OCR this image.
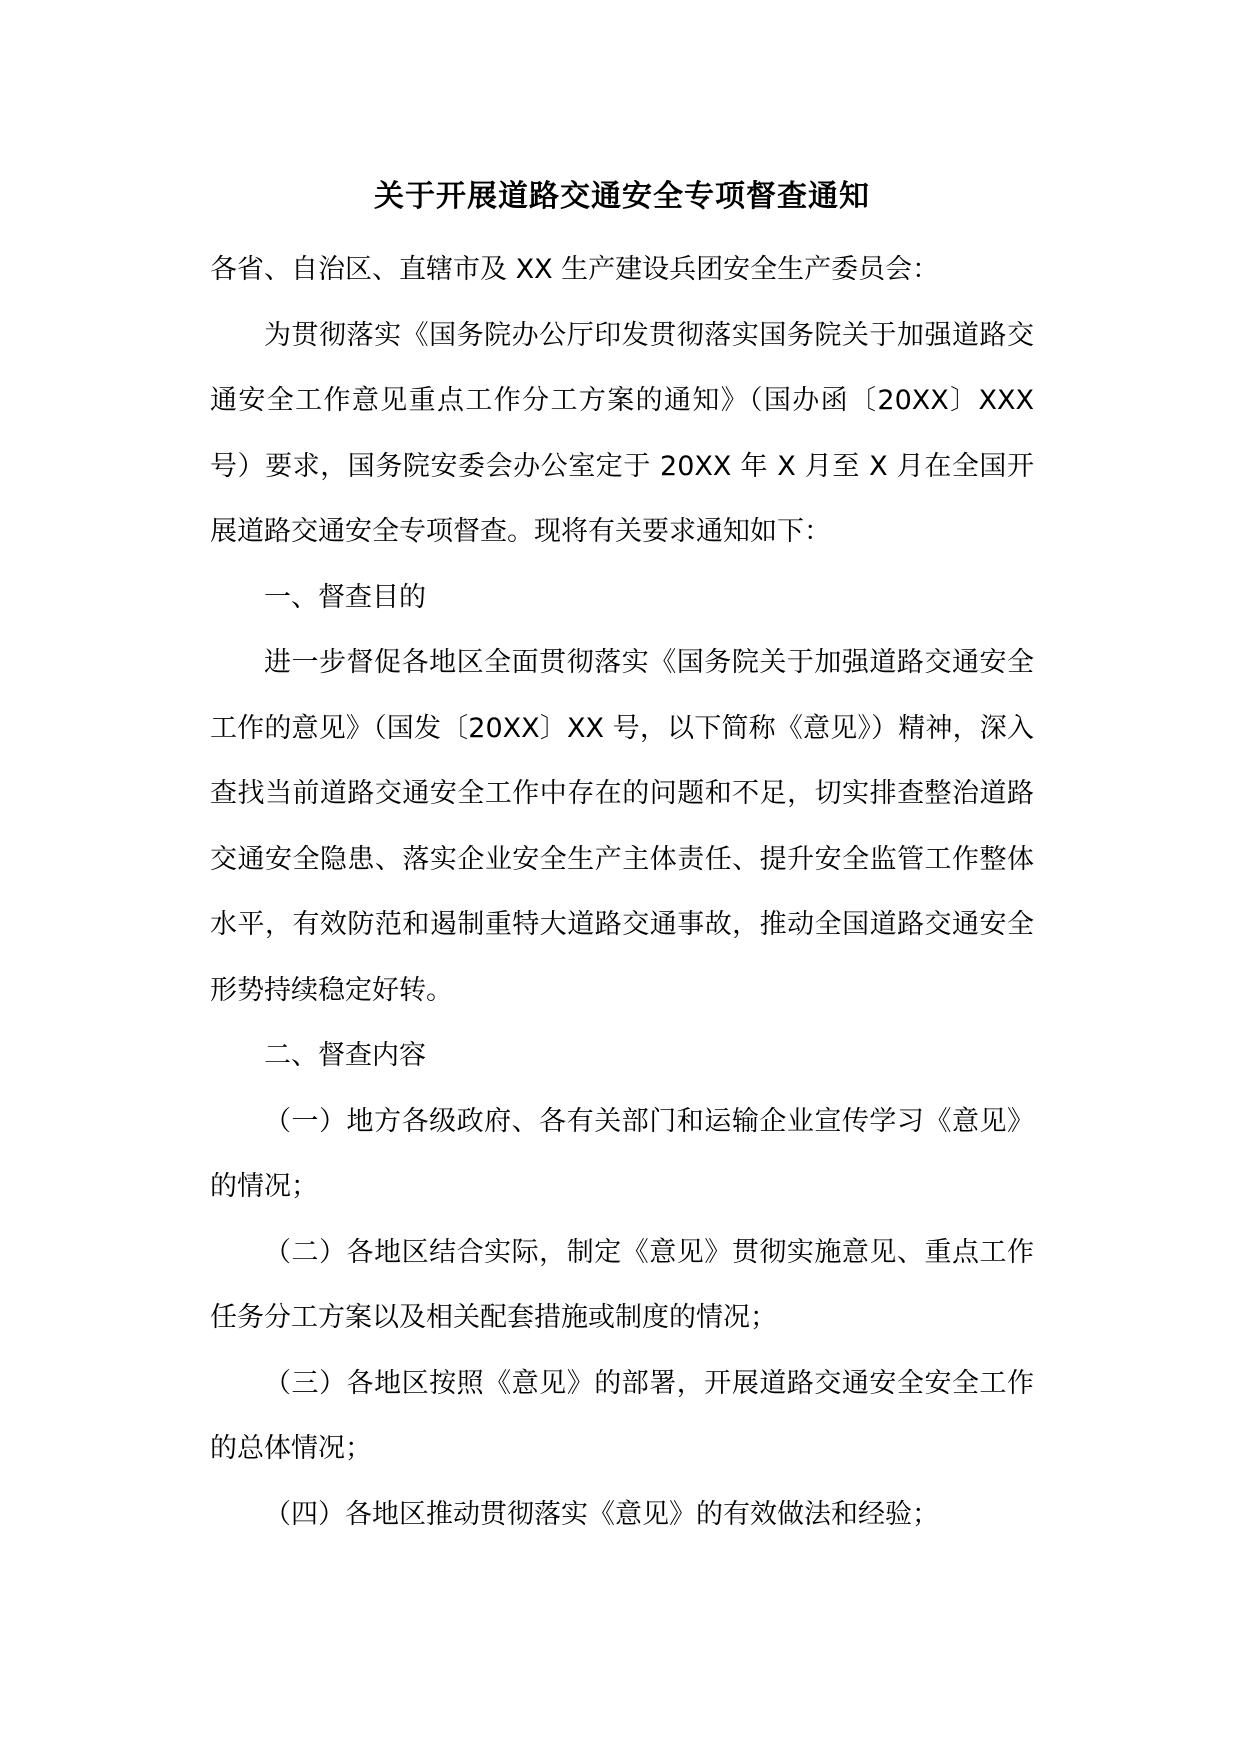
关于开展道路交通安全专项督查通知

各省、自治区、直辖市及 XX 生产建设兵团安全生产委员会：

为贯彻落实《国务院办公厅印发贯彻落实国务院关于加强道路交通安全工作意见重点工作分工方案的通知》（国办函〔20XX〕XXX 号）要求，国务院安委会办公室定于 20XX 年 X 月至 X 月在全国开展道路交通安全专项督查。现将有关要求通知如下：

一、督查目的

进一步督促各地区全面贯彻落实《国务院关于加强道路交通安全工作的意见》（国发〔20XX〕XX 号，以下简称《意见》）精神，深入查找当前道路交通安全工作中存在的问题和不足，切实排查整治道路交通安全隐患、落实企业安全生产主体责任、提升安全监管工作整体水平，有效防范和遏制重特大道路交通事故，推动全国道路交通安全形势持续稳定好转。

二、督查内容

（一）地方各级政府、各有关部门和运输企业宣传学习《意见》的情况；

（二）各地区结合实际，制定《意见》贯彻实施意见、重点工作任务分工方案以及相关配套措施或制度的情况；

（三）各地区按照《意见》的部署，开展道路交通安全安全工作的总体情况；

（四）各地区推动贯彻落实《意见》的有效做法和经验；
